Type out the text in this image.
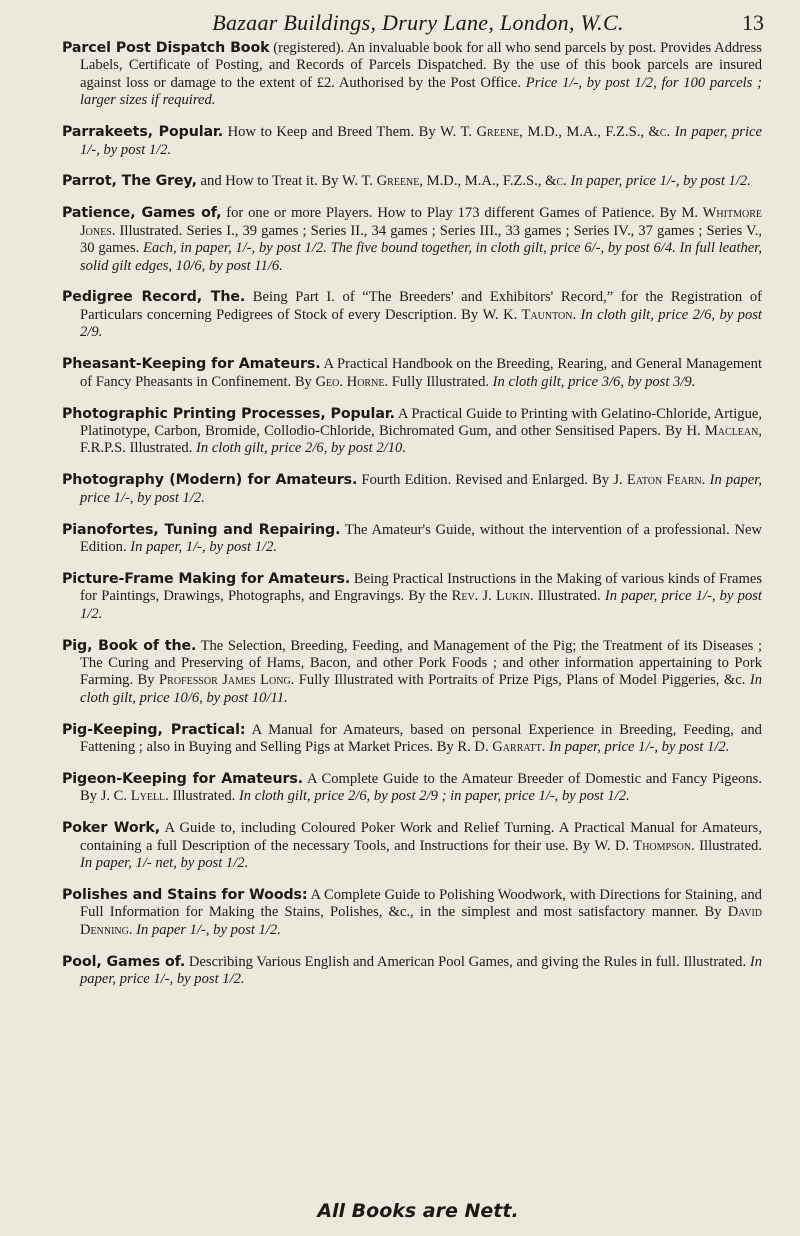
Bazaar Buildings, Drury Lane, London, W.C.	13

Parcel Post Dispatch Book (registered). An invaluable book for all who send parcels by post. Provides Address Labels, Certificate of Posting, and Records of Parcels Dispatched. By the use of this book parcels are insured against loss or damage to the extent of £2. Authorised by the Post Office. Price 1/-, by post 1/2, for 100 parcels ; larger sizes if required.

Parrakeets, Popular. How to Keep and Breed Them. By W. T. Greene, M.D., M.A., F.Z.S., &c. In paper, price 1/-, by post 1/2.

Parrot, The Grey, and How to Treat it. By W. T. Greene, M.D., M.A., F.Z.S., &c. In paper, price 1/-, by post 1/2.

Patience, Games of, for one or more Players. How to Play 173 different Games of Patience. By M. Whitmore Jones. Illustrated. Series I., 39 games ; Series II., 34 games ; Series III., 33 games ; Series IV., 37 games ; Series V., 30 games. Each, in paper, 1/-, by post 1/2. The five bound together, in cloth gilt, price 6/-, by post 6/4. In full leather, solid gilt edges, 10/6, by post 11/6.

Pedigree Record, The. Being Part I. of “The Breeders' and Exhibitors' Record,” for the Registration of Particulars concerning Pedigrees of Stock of every Description. By W. K. Taunton. In cloth gilt, price 2/6, by post 2/9.

Pheasant-Keeping for Amateurs. A Practical Handbook on the Breeding, Rearing, and General Management of Fancy Pheasants in Confinement. By Geo. Horne. Fully Illustrated. In cloth gilt, price 3/6, by post 3/9.

Photographic Printing Processes, Popular. A Practical Guide to Printing with Gelatino-Chloride, Artigue, Platinotype, Carbon, Bromide, Collodio-Chloride, Bichromated Gum, and other Sensitised Papers. By H. Maclean, F.R.P.S. Illustrated. In cloth gilt, price 2/6, by post 2/10.

Photography (Modern) for Amateurs. Fourth Edition. Revised and Enlarged. By J. Eaton Fearn. In paper, price 1/-, by post 1/2.

Pianofortes, Tuning and Repairing. The Amateur's Guide, without the intervention of a professional. New Edition. In paper, 1/-, by post 1/2.

Picture-Frame Making for Amateurs. Being Practical Instructions in the Making of various kinds of Frames for Paintings, Drawings, Photographs, and Engravings. By the Rev. J. Lukin. Illustrated. In paper, price 1/-, by post 1/2.

Pig, Book of the. The Selection, Breeding, Feeding, and Management of the Pig; the Treatment of its Diseases ; The Curing and Preserving of Hams, Bacon, and other Pork Foods ; and other information appertaining to Pork Farming. By Professor James Long. Fully Illustrated with Portraits of Prize Pigs, Plans of Model Piggeries, &c. In cloth gilt, price 10/6, by post 10/11.

Pig-Keeping, Practical: A Manual for Amateurs, based on personal Experience in Breeding, Feeding, and Fattening ; also in Buying and Selling Pigs at Market Prices. By R. D. Garratt. In paper, price 1/-, by post 1/2.

Pigeon-Keeping for Amateurs. A Complete Guide to the Amateur Breeder of Domestic and Fancy Pigeons. By J. C. Lyell. Illustrated. In cloth gilt, price 2/6, by post 2/9 ; in paper, price 1/-, by post 1/2.

Poker Work, A Guide to, including Coloured Poker Work and Relief Turning. A Practical Manual for Amateurs, containing a full Description of the necessary Tools, and Instructions for their use. By W. D. Thompson. Illustrated. In paper, 1/- net, by post 1/2.

Polishes and Stains for Woods: A Complete Guide to Polishing Woodwork, with Directions for Staining, and Full Information for Making the Stains, Polishes, &c., in the simplest and most satisfactory manner. By David Denning. In paper 1/-, by post 1/2.

Pool, Games of. Describing Various English and American Pool Games, and giving the Rules in full. Illustrated. In paper, price 1/-, by post 1/2.

All Books are Nett.
